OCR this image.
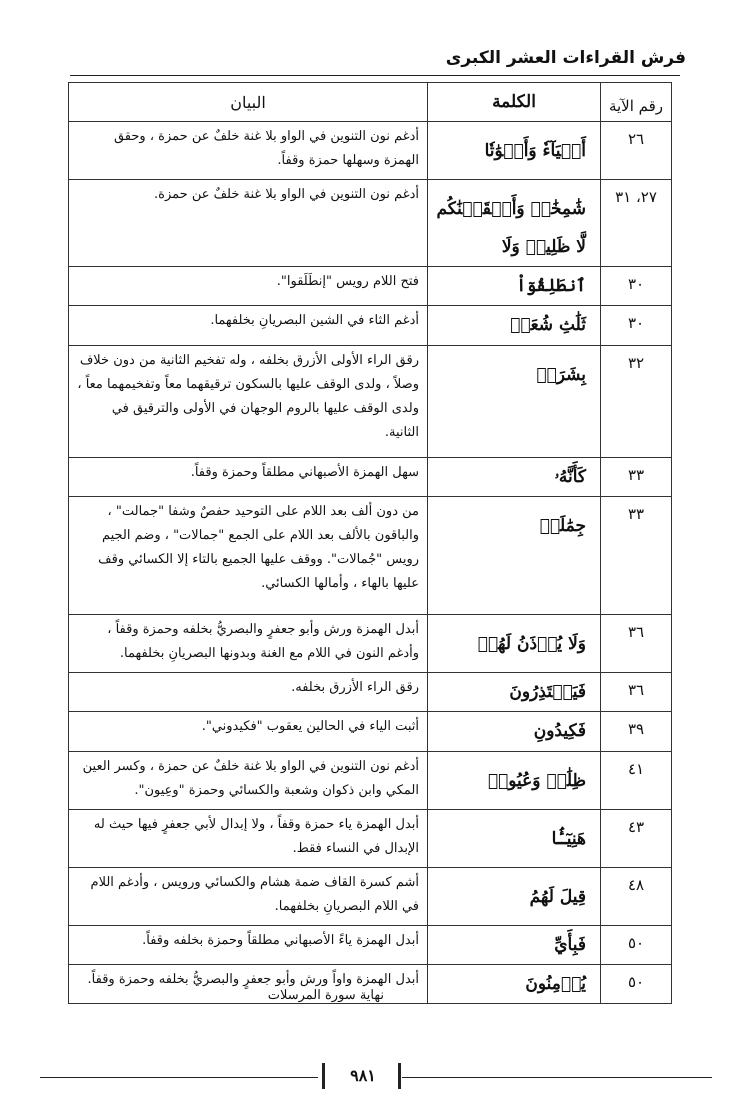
فرش القراءات العشر الكبرى
رقم الآية	الكلمة	البيان
٢٦	أَحۡيَآءٗ وَأَمۡوَٰتٗا	أدغم نون التنوين في الواو بلا غنة خلفٌ عن حمزة ، وحقق الهمزة وسهلها حمزة وقفاً.
٢٧، ٣١	شَٰمِخَٰتٖ وَأَسۡقَيۡنَٰكُم لَّا ظَلِيلٖ وَلَا	أدغم نون التنوين في الواو بلا غنة خلفٌ عن حمزة.
٣٠	ٱنطَلِقُوٓاْ	فتح اللام رويس "إنطَلَقوا".
٣٠	ثَلَٰثِ شُعَبٖ	أدغم الثاء في الشين البصريانِ بخلفهما.
٣٢	بِشَرَرٖ	رقق الراء الأولى الأزرق بخلفه ، وله تفخيم الثانية من دون خلاف وصلاً ، ولدى الوقف عليها بالسكون ترقيقهما معاً وتفخيمهما معاً ، ولدى الوقف عليها بالروم الوجهان في الأولى والترقيق في الثانية.
٣٣	كَأَنَّهُۥ	سهل الهمزة الأصبهاني مطلقاً وحمزة وقفاً.
٣٣	جِمَٰلَتٞ	من دون ألف بعد اللام على التوحيد حفصٌ وشفا "جمالت" ، والباقون بالألف بعد اللام على الجمع "جمالات" ، وضم الجيم رويس "جُمالات". ووقف عليها الجميع بالتاء إلا الكسائي وقف عليها بالهاء ، وأمالها الكسائي.
٣٦	وَلَا يُؤۡذَنُ لَهُمۡ	أبدل الهمزة ورش وأبو جعفرٍ والبصريُّ بخلفه وحمزة وقفاً ، وأدغم النون في اللام مع الغنة وبدونها البصريانِ بخلفهما.
٣٦	فَيَعۡتَذِرُونَ	رقق الراء الأزرق بخلفه.
٣٩	فَكِيدُونِ	أثبت الياء في الحالين يعقوب "فكيدوني".
٤١	ظِلَٰلٖ وَعُيُونٖ	أدغم نون التنوين في الواو بلا غنة خلفٌ عن حمزة ، وكسر العين المكي وابن ذكوان وشعبة والكسائي وحمزة "وعِيون".
٤٣	هَنِيٓـَٔۢا	أبدل الهمزة ياء حمزة وقفاً ، ولا إبدال لأبي جعفرٍ فيها حيث له الإبدال في النساء فقط.
٤٨	قِيلَ لَهُمُ	أشم كسرة القاف ضمة هشام والكسائي ورويس ، وأدغم اللام في اللام البصريانِ بخلفهما.
٥٠	فَبِأَيِّ	أبدل الهمزة ياءً الأصبهاني مطلقاً وحمزة بخلفه وقفاً.
٥٠	يُؤۡمِنُونَ	أبدل الهمزة واواً ورش وأبو جعفرٍ والبصريُّ بخلفه وحمزة وقفاً.
نهاية سورة المرسلات
٩٨١
